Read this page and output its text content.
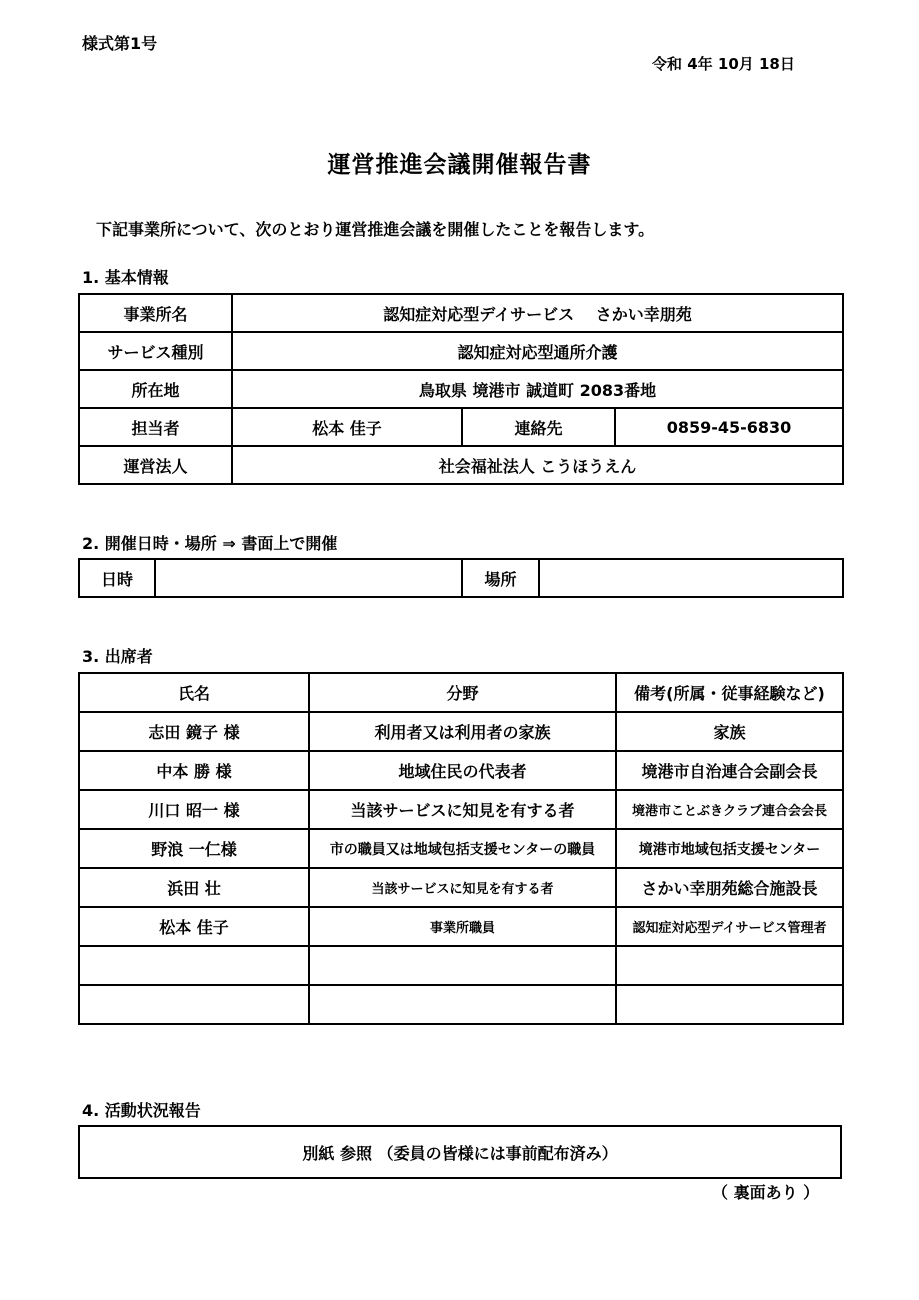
様式第1号
令和 4年 10月 18日
運営推進会議開催報告書
下記事業所について、次のとおり運営推進会議を開催したことを報告します。
1. 基本情報
事業所名	認知症対応型デイサービス　 さかい幸朋苑		
サービス種別	認知症対応型通所介護		
所在地	鳥取県 境港市 誠道町 2083番地		
担当者	松本 佳子	連絡先	0859-45-6830
運営法人	社会福祉法人 こうほうえん		
2. 開催日時・場所 ⇒ 書面上で開催
日時		場所	
3. 出席者
氏名	分野	備考(所属・従事経験など)
志田 鏡子 様	利用者又は利用者の家族	家族
中本 勝 様	地域住民の代表者	境港市自治連合会副会長
川口 昭一 様	当該サービスに知見を有する者	境港市ことぶきクラブ連合会会長
野浪 一仁様	市の職員又は地域包括支援センターの職員	境港市地域包括支援センター
浜田 壮	当該サービスに知見を有する者	さかい幸朋苑総合施設長
松本 佳子	事業所職員	認知症対応型デイサービス管理者

4. 活動状況報告
別紙 参照 （委員の皆様には事前配布済み）
（ 裏面あり ）
